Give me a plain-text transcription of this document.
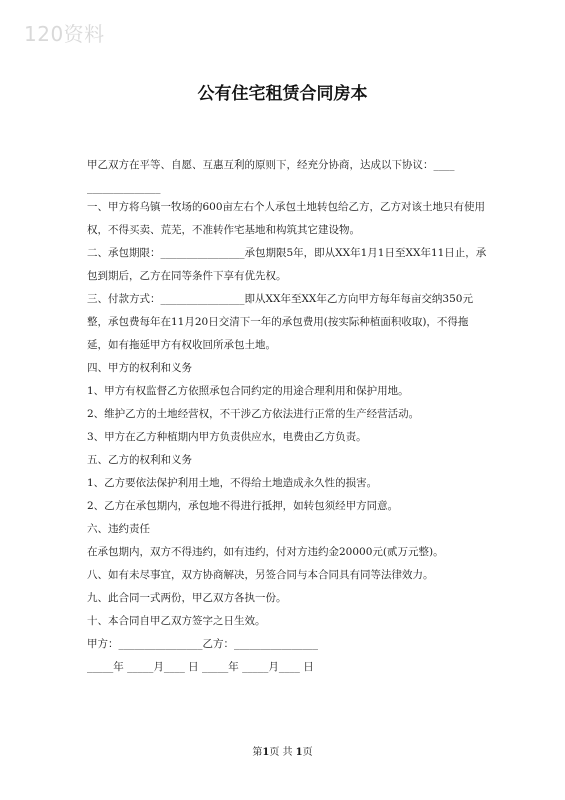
120资料
公有住宅租赁合同房本
甲乙双方在平等、自愿、互惠互利的原则下，经充分协商，达成以下协议：____
______________
一、甲方将乌镇一牧场的600亩左右个人承包土地转包给乙方，乙方对该土地只有使用权，不得买卖、荒芜，不准转作宅基地和构筑其它建设物。
二、承包期限：________________承包期限5年，即从XX年1月1日至XX年11日止，承包到期后，乙方在同等条件下享有优先权。
三、付款方式：________________即从XX年至XX年乙方向甲方每年每亩交纳350元整，承包费每年在11月20日交清下一年的承包费用(按实际种植面积收取)，不得拖延，如有拖延甲方有权收回所承包土地。
四、甲方的权利和义务
1、甲方有权监督乙方依照承包合同约定的用途合理利用和保护用地。
2、维护乙方的土地经营权，不干涉乙方依法进行正常的生产经营活动。
3、甲方在乙方种植期内甲方负责供应水，电费由乙方负责。
五、乙方的权利和义务
1、乙方要依法保护利用土地，不得给土地造成永久性的损害。
2、乙方在承包期内，承包地不得进行抵押，如转包须经甲方同意。
六、违约责任
在承包期内，双方不得违约，如有违约，付对方违约金20000元(贰万元整)。
八、如有未尽事宜，双方协商解决，另签合同与本合同具有同等法律效力。
九、此合同一式两份，甲乙双方各执一份。
十、本合同自甲乙双方签字之日生效。
甲方：________________乙方：________________
_____年 _____月____ 日 _____年 _____月____ 日
第1页 共 1页
